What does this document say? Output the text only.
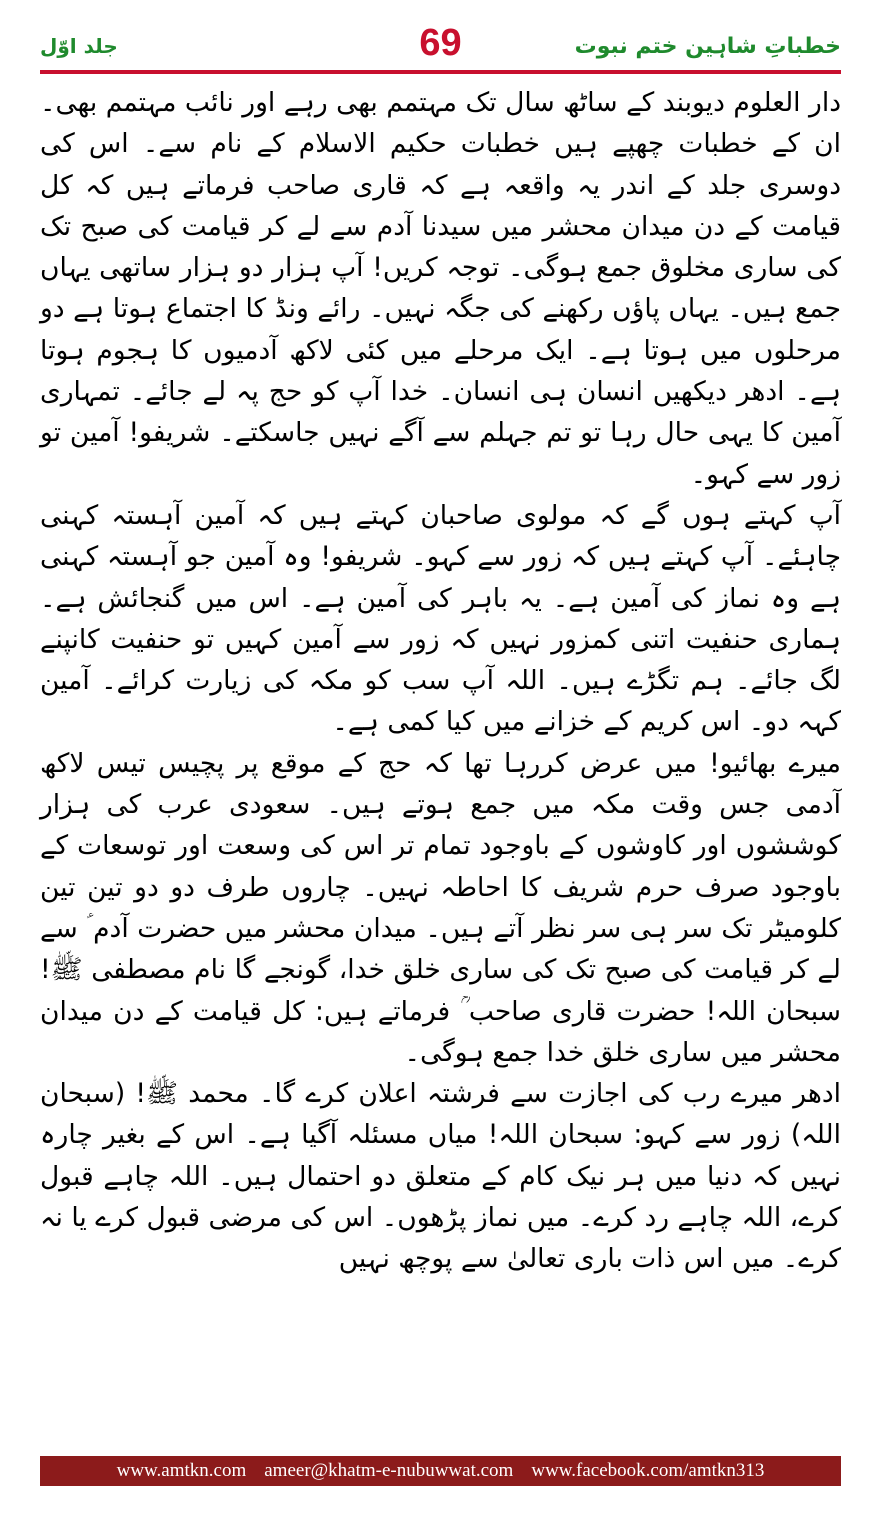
خطباتِ شاہین ختم نبوت
69
جلد اوّل

دار العلوم دیوبند کے ساٹھ سال تک مہتمم بھی رہے اور نائب مہتمم بھی۔ ان کے خطبات چھپے ہیں خطبات حکیم الاسلام کے نام سے۔ اس کی دوسری جلد کے اندر یہ واقعہ ہے کہ قاری صاحب فرماتے ہیں کہ کل قیامت کے دن میدان محشر میں سیدنا آدم سے لے کر قیامت کی صبح تک کی ساری مخلوق جمع ہوگی۔ توجہ کریں! آپ ہزار دو ہزار ساتھی یہاں جمع ہیں۔ یہاں پاؤں رکھنے کی جگہ نہیں۔ رائے ونڈ کا اجتماع ہوتا ہے دو مرحلوں میں ہوتا ہے۔ ایک مرحلے میں کئی لاکھ آدمیوں کا ہجوم ہوتا ہے۔ ادھر دیکھیں انسان ہی انسان۔ خدا آپ کو حج پہ لے جائے۔ تمہاری آمین کا یہی حال رہا تو تم جہلم سے آگے نہیں جاسکتے۔ شریفو! آمین تو زور سے کہو۔

آپ کہتے ہوں گے کہ مولوی صاحبان کہتے ہیں کہ آمین آہستہ کہنی چاہئے۔ آپ کہتے ہیں کہ زور سے کہو۔ شریفو! وہ آمین جو آہستہ کہنی ہے وہ نماز کی آمین ہے۔ یہ باہر کی آمین ہے۔ اس میں گنجائش ہے۔ ہماری حنفیت اتنی کمزور نہیں کہ زور سے آمین کہیں تو حنفیت کانپنے لگ جائے۔ ہم تگڑے ہیں۔ اللہ آپ سب کو مکہ کی زیارت کرائے۔ آمین کہہ دو۔ اس کریم کے خزانے میں کیا کمی ہے۔

میرے بھائیو! میں عرض کررہا تھا کہ حج کے موقع پر پچیس تیس لاکھ آدمی جس وقت مکہ میں جمع ہوتے ہیں۔ سعودی عرب کی ہزار کوششوں اور کاوشوں کے باوجود تمام تر اس کی وسعت اور توسعات کے باوجود صرف حرم شریف کا احاطہ نہیں۔ چاروں طرف دو دو تین تین کلومیٹر تک سر ہی سر نظر آتے ہیں۔ میدان محشر میں حضرت آدم ؑ سے لے کر قیامت کی صبح تک کی ساری خلق خدا، گونجے گا نام مصطفی ﷺ! سبحان اللہ! حضرت قاری صاحب ؒ فرماتے ہیں: کل قیامت کے دن میدان محشر میں ساری خلق خدا جمع ہوگی۔

ادھر میرے رب کی اجازت سے فرشتہ اعلان کرے گا۔ محمد ﷺ! (سبحان اللہ) زور سے کہو: سبحان اللہ! میاں مسئلہ آگیا ہے۔ اس کے بغیر چارہ نہیں کہ دنیا میں ہر نیک کام کے متعلق دو احتمال ہیں۔ اللہ چاہے قبول کرے، اللہ چاہے رد کرے۔ میں نماز پڑھوں۔ اس کی مرضی قبول کرے یا نہ کرے۔ میں اس ذات باری تعالیٰ سے پوچھ نہیں

www.amtkn.com ameer@khatm-e-nubuwwat.com www.facebook.com/amtkn313
